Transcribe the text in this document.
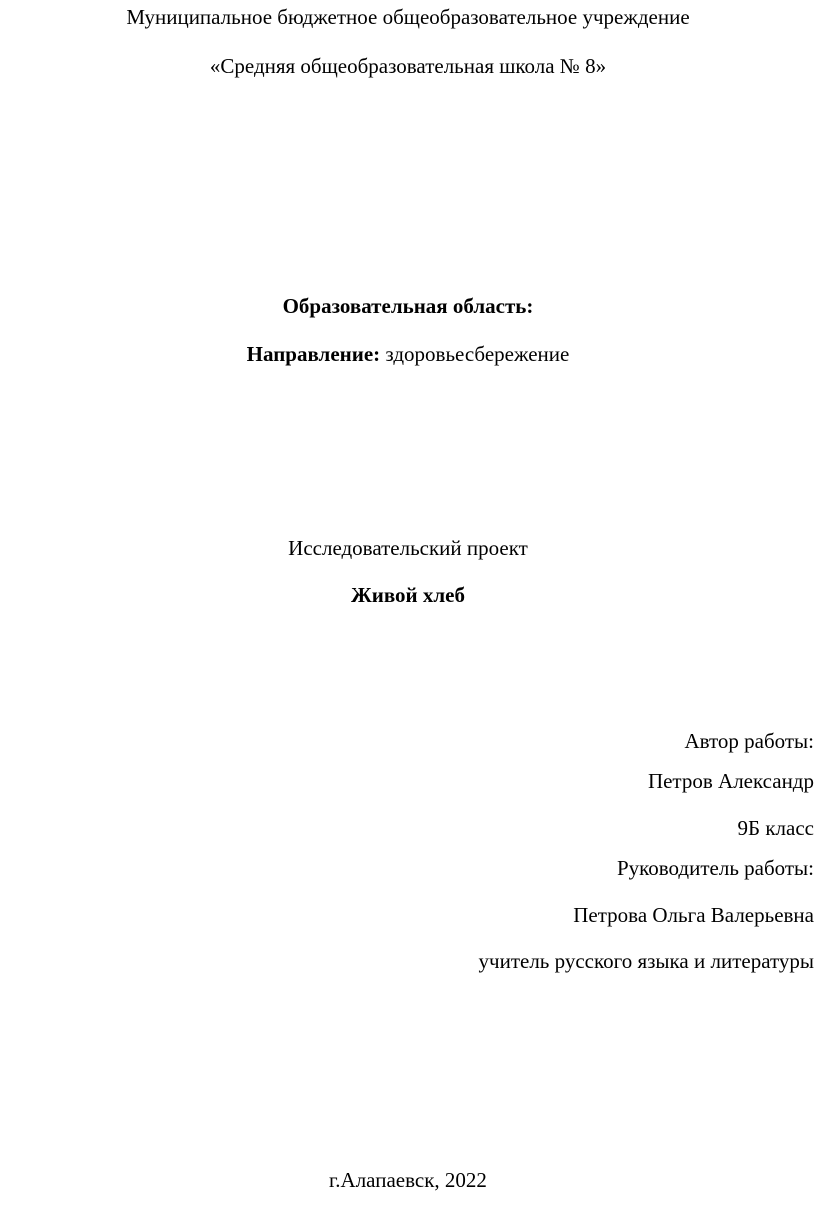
Муниципальное бюджетное общеобразовательное учреждение
«Средняя общеобразовательная школа № 8»
Образовательная область:
Направление: здоровьесбережение
Исследовательский проект
Живой хлеб
Автор работы:
Петров Александр
9Б класс
Руководитель работы:
Петрова Ольга Валерьевна
учитель русского языка и литературы
г.Алапаевск, 2022
